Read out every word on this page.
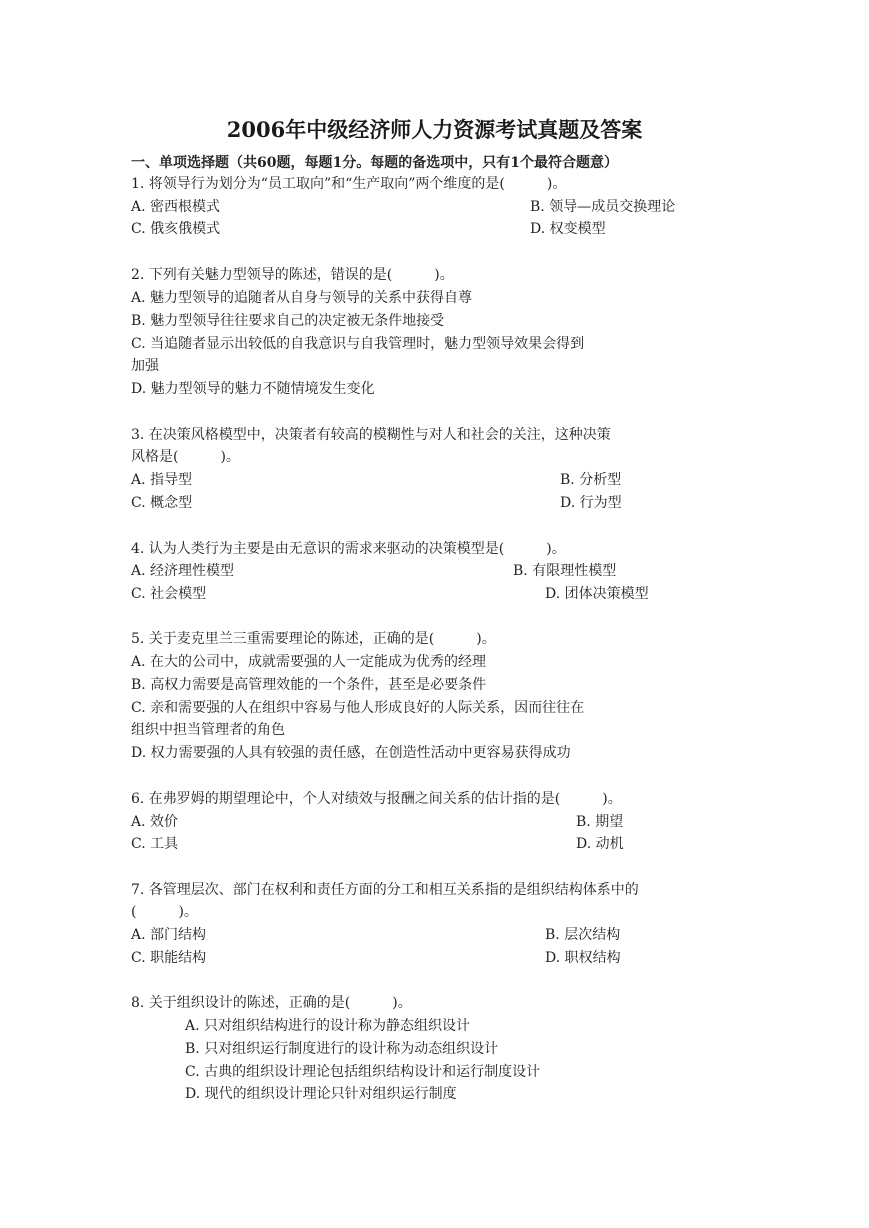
2006年中级经济师人力资源考试真题及答案
一、单项选择题（共60题，每题1分。每题的备选项中，只有1个最符合题意）
1. 将领导行为划分为“员工取向”和“生产取向”两个维度的是(　　　)。
A. 密西根模式	B. 领导—成员交换理论
C. 俄亥俄模式	D. 权变模型
2. 下列有关魅力型领导的陈述，错误的是(　　　)。
A. 魅力型领导的追随者从自身与领导的关系中获得自尊
B. 魅力型领导往往要求自己的决定被无条件地接受
C. 当追随者显示出较低的自我意识与自我管理时，魅力型领导效果会得到
加强
D. 魅力型领导的魅力不随情境发生变化
3. 在决策风格模型中，决策者有较高的模糊性与对人和社会的关注，这种决策
风格是(　　　)。
A. 指导型	B. 分析型
C. 概念型	D. 行为型
4. 认为人类行为主要是由无意识的需求来驱动的决策模型是(　　　)。
A. 经济理性模型	B. 有限理性模型
C. 社会模型	D. 团体决策模型
5. 关于麦克里兰三重需要理论的陈述，正确的是(　　　)。
A. 在大的公司中，成就需要强的人一定能成为优秀的经理
B. 高权力需要是高管理效能的一个条件，甚至是必要条件
C. 亲和需要强的人在组织中容易与他人形成良好的人际关系，因而往往在
组织中担当管理者的角色
D. 权力需要强的人具有较强的责任感，在创造性活动中更容易获得成功
6. 在弗罗姆的期望理论中，个人对绩效与报酬之间关系的估计指的是(　　　)。
A. 效价	B. 期望
C. 工具	D. 动机
7. 各管理层次、部门在权利和责任方面的分工和相互关系指的是组织结构体系中的
(　　　)。
A. 部门结构	B. 层次结构
C. 职能结构	D. 职权结构
8. 关于组织设计的陈述，正确的是(　　　)。
A. 只对组织结构进行的设计称为静态组织设计
B. 只对组织运行制度进行的设计称为动态组织设计
C. 古典的组织设计理论包括组织结构设计和运行制度设计
D. 现代的组织设计理论只针对组织运行制度
